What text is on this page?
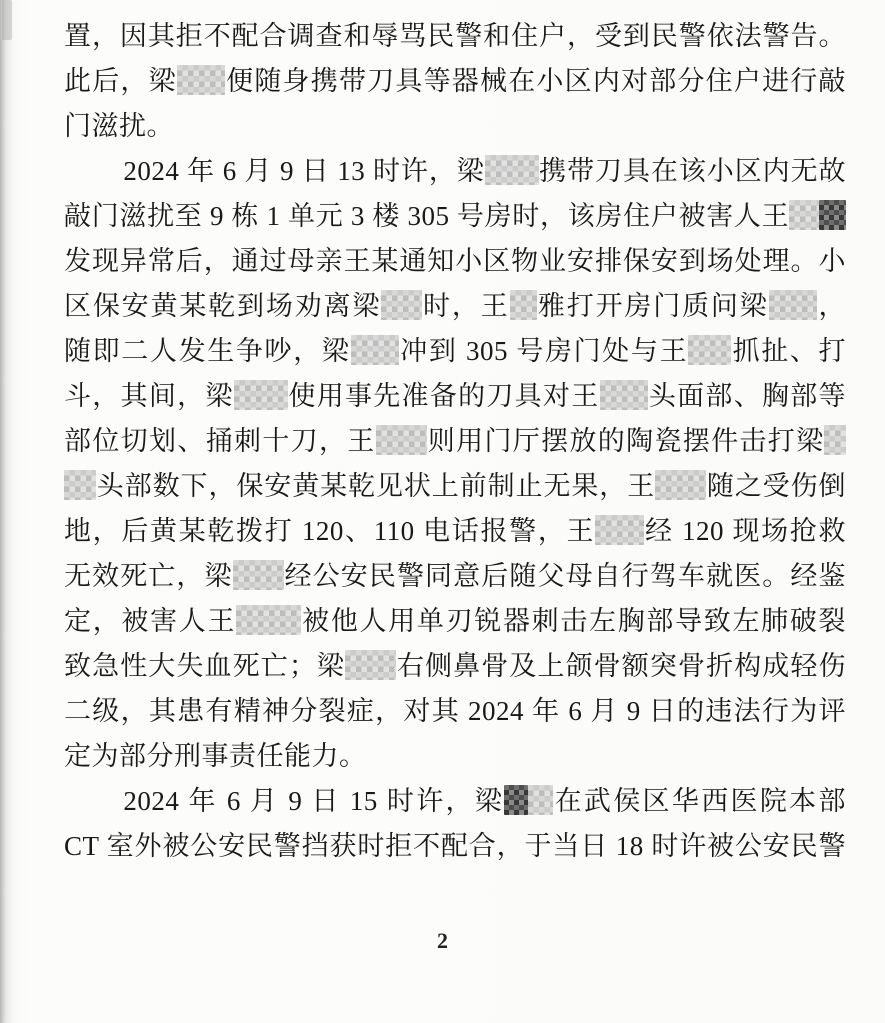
置，因其拒不配合调查和辱骂民警和住户，受到民警依法警告。
此后，梁 便随身携带刀具等器械在小区内对部分住户进行敲
门滋扰。
2024 年 6 月 9 日 13 时许，梁 携带刀具在该小区内无故
敲门滋扰至 9 栋 1 单元 3 楼 305 号房时，该房住户被害人王
发现异常后，通过母亲王某通知小区物业安排保安到场处理。小
区保安黄某乾到场劝离梁 时，王 雅打开房门质问梁 ，
随即二人发生争吵，梁 冲到 305 号房门处与王 抓扯、打
斗，其间，梁 使用事先准备的刀具对王 头面部、胸部等
部位切划、捅刺十刀，王 则用门厅摆放的陶瓷摆件击打梁
头部数下，保安黄某乾见状上前制止无果，王 随之受伤倒
地，后黄某乾拨打 120、110 电话报警，王 经 120 现场抢救
无效死亡，梁 经公安民警同意后随父母自行驾车就医。经鉴
定，被害人王 被他人用单刃锐器刺击左胸部导致左肺破裂
致急性大失血死亡；梁 右侧鼻骨及上颌骨额突骨折构成轻伤
二级，其患有精神分裂症，对其 2024 年 6 月 9 日的违法行为评
定为部分刑事责任能力。
2024 年 6 月 9 日 15 时许，梁 在武侯区华西医院本部
CT 室外被公安民警挡获时拒不配合，于当日 18 时许被公安民警
2
